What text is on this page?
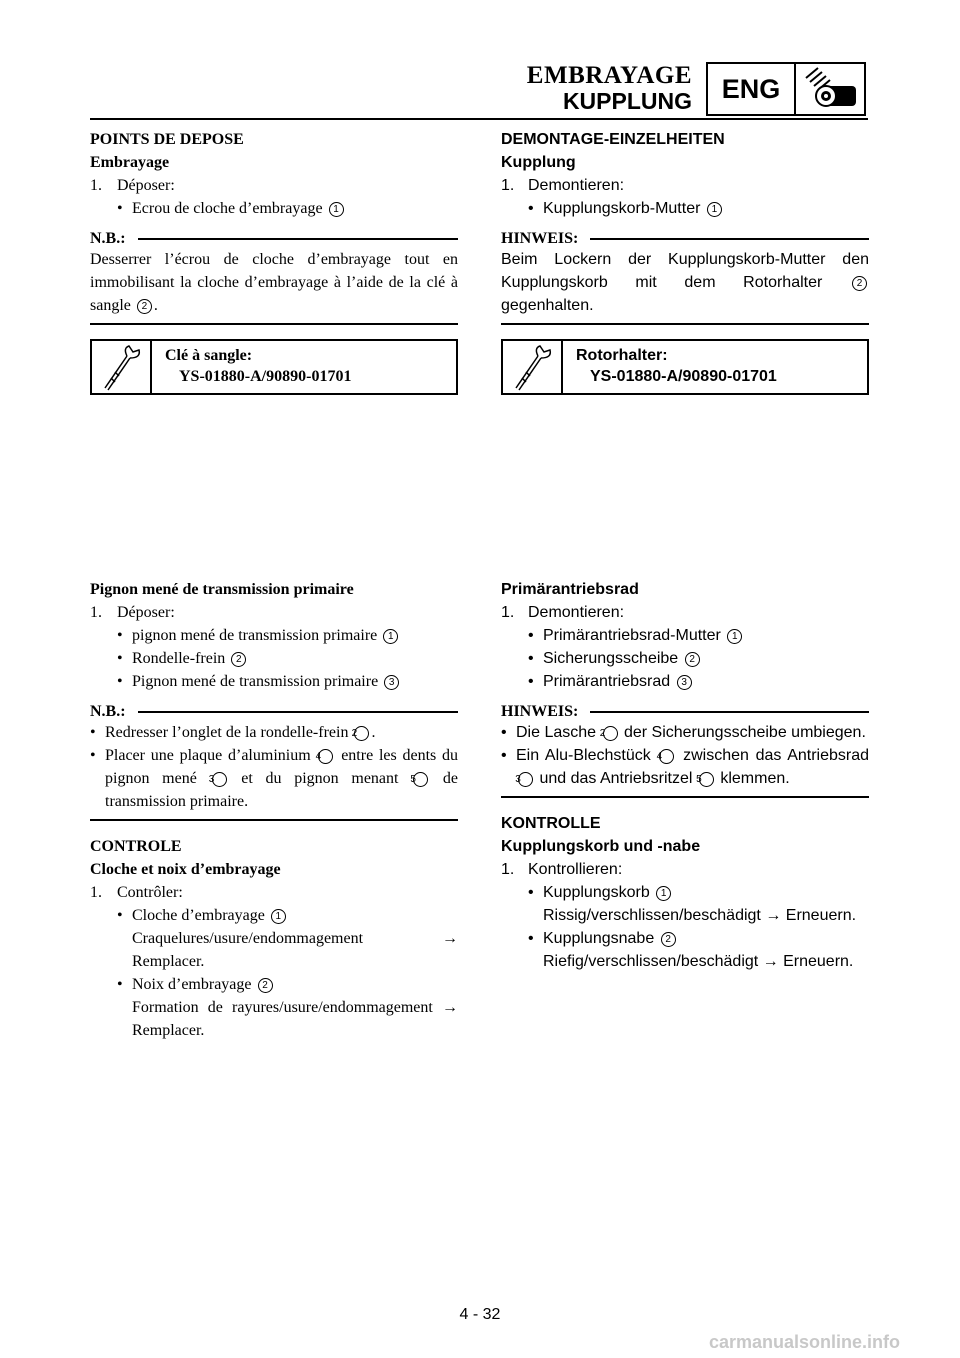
EMBRAYAGE
KUPPLUNG	ENG

POINTS DE DEPOSE

Embrayage

1. Déposer:

• Ecrou de cloche d’embrayage 1

N.B.:

Desserrer l’écrou de cloche d’embrayage tout en immobilisant la cloche d’embrayage à l’aide de la clé à sangle 2 .

Clé à sangle:
YS-01880-A/90890-01701

Pignon mené de transmission primaire

1. Déposer:

• pignon mené de transmission primaire 1

• Rondelle-frein 2

• Pignon mené de transmission primaire 3

N.B.:

• Redresser l’onglet de la rondelle-frein 2 .

• Placer une plaque d’aluminium 4 entre les dents du pignon mené 3 et du pignon menant 5 de transmission primaire.

CONTROLE

Cloche et noix d’embrayage

1. Contrôler:

• Cloche d’embrayage 1

Craquelures/usure/endommagement → Remplacer.

• Noix d’embrayage 2

Formation de rayures/usure/endommagement → Remplacer.

DEMONTAGE-EINZELHEITEN

Kupplung

1. Demontieren:

• Kupplungskorb-Mutter 1

HINWEIS:

Beim Lockern der Kupplungskorb-Mutter den Kupplungskorb mit dem Rotorhalter	2 gegenhalten.

Rotorhalter:
YS-01880-A/90890-01701

Primärantriebsrad

1. Demontieren:

• Primärantriebsrad-Mutter 1

• Sicherungsscheibe 2

• Primärantriebsrad 3

HINWEIS:

• Die Lasche 2 der Sicherungsscheibe umbiegen.

• Ein Alu-Blechstück 4 zwischen das Antriebsrad 3 und das Antriebsritzel 5 klemmen.

KONTROLLE

Kupplungskorb und -nabe

1. Kontrollieren:

• Kupplungskorb 1

Rissig/verschlissen/beschädigt → Erneuern.

• Kupplungsnabe 2

Riefig/verschlissen/beschädigt → Erneuern.

4 - 32
carmanualsonline.info
